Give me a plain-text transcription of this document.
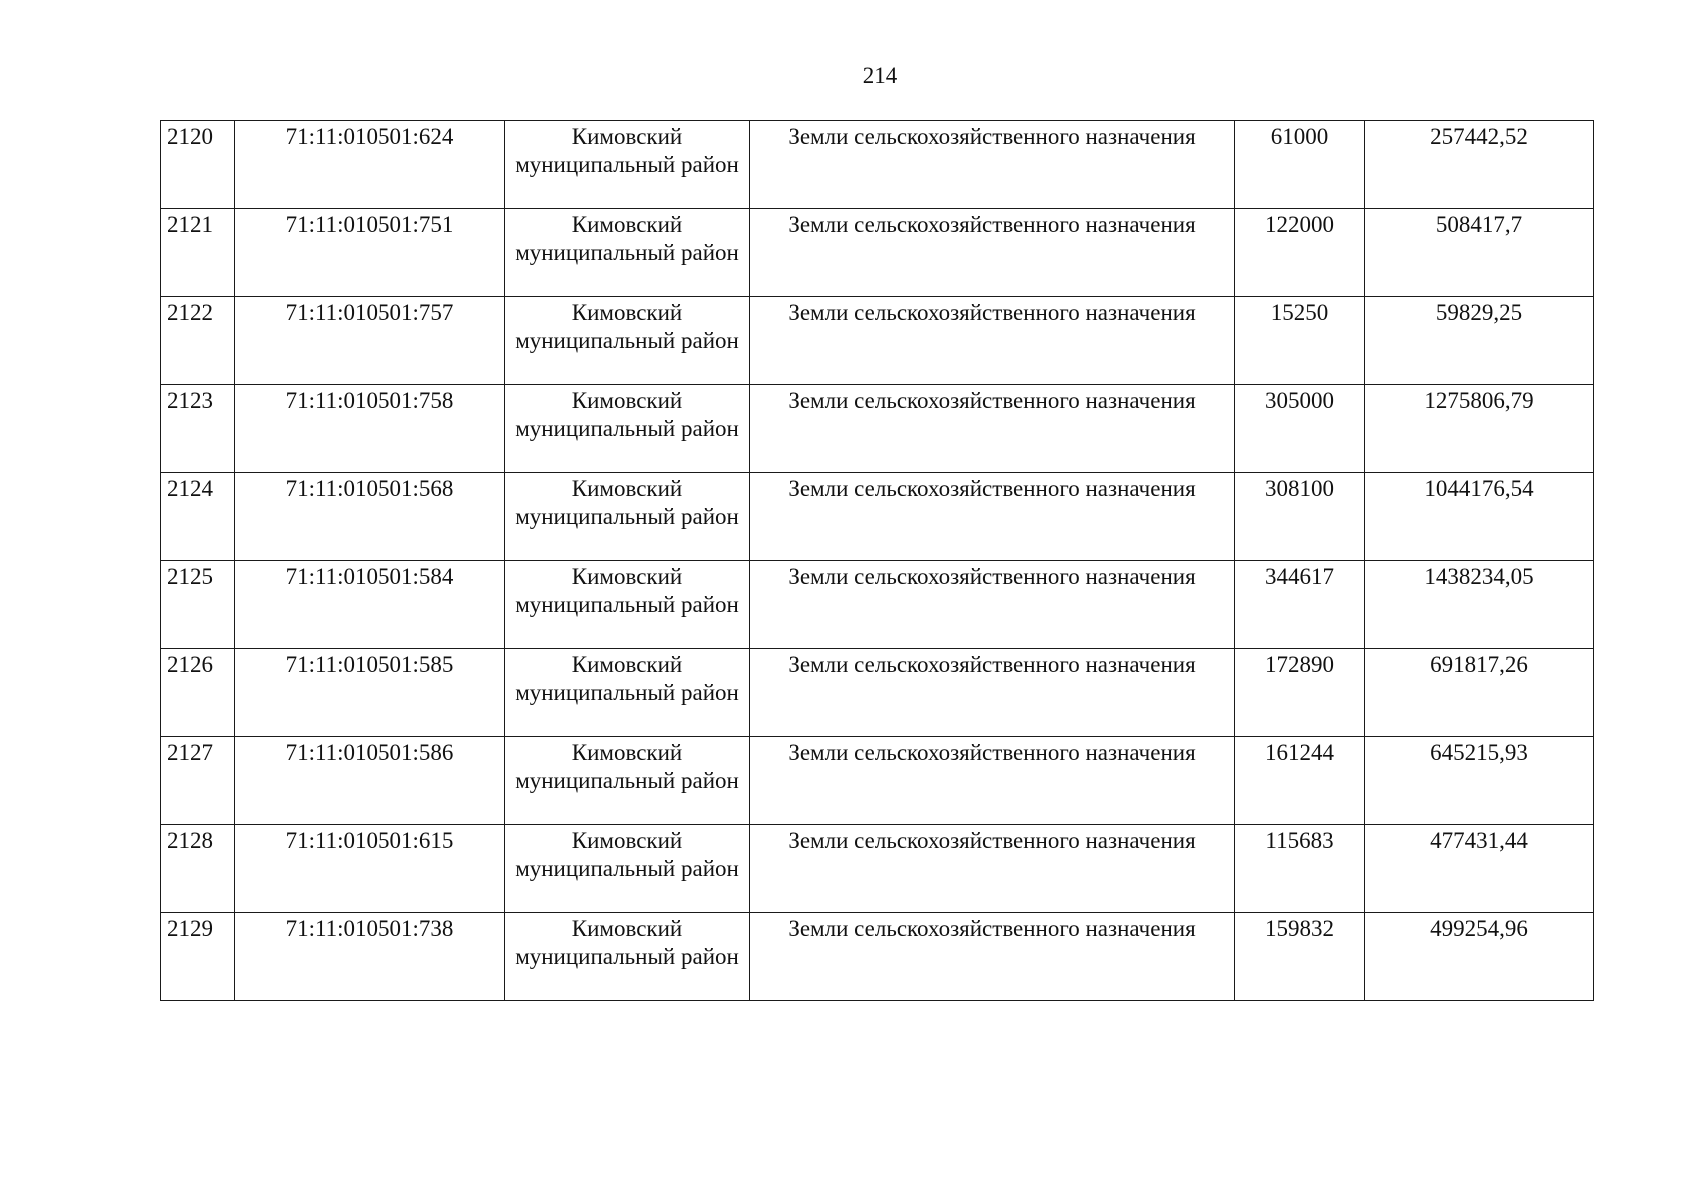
214
2120	71:11:010501:624	Кимовский муниципальный район	Земли сельскохозяйственного назначения	61000	257442,52
2121	71:11:010501:751	Кимовский муниципальный район	Земли сельскохозяйственного назначения	122000	508417,7
2122	71:11:010501:757	Кимовский муниципальный район	Земли сельскохозяйственного назначения	15250	59829,25
2123	71:11:010501:758	Кимовский муниципальный район	Земли сельскохозяйственного назначения	305000	1275806,79
2124	71:11:010501:568	Кимовский муниципальный район	Земли сельскохозяйственного назначения	308100	1044176,54
2125	71:11:010501:584	Кимовский муниципальный район	Земли сельскохозяйственного назначения	344617	1438234,05
2126	71:11:010501:585	Кимовский муниципальный район	Земли сельскохозяйственного назначения	172890	691817,26
2127	71:11:010501:586	Кимовский муниципальный район	Земли сельскохозяйственного назначения	161244	645215,93
2128	71:11:010501:615	Кимовский муниципальный район	Земли сельскохозяйственного назначения	115683	477431,44
2129	71:11:010501:738	Кимовский муниципальный район	Земли сельскохозяйственного назначения	159832	499254,96
